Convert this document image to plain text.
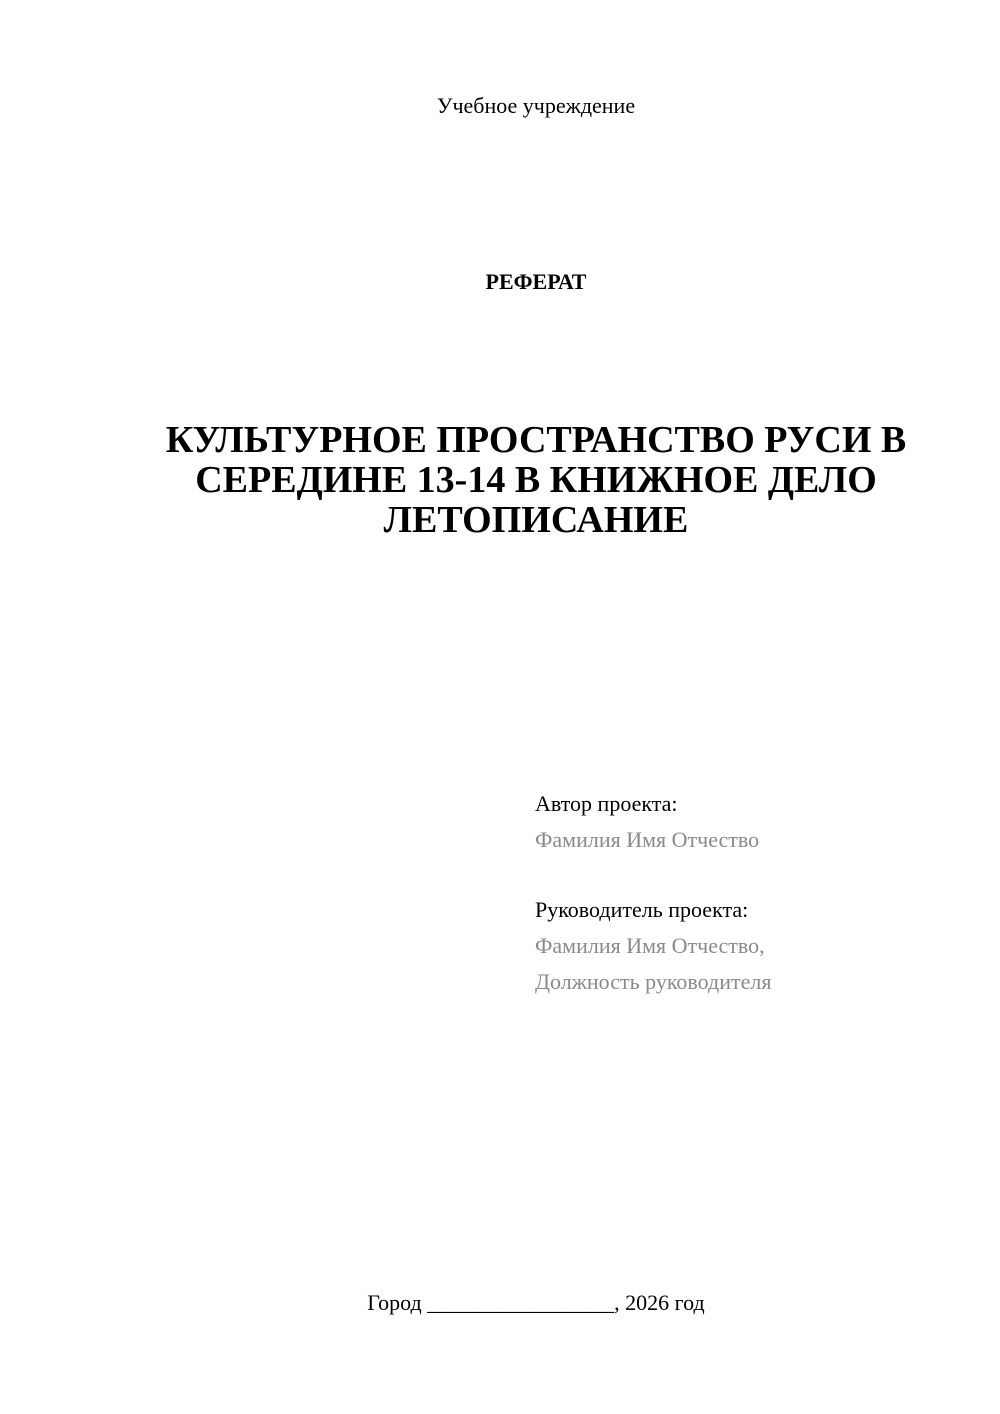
Учебное учреждение
РЕФЕРАТ
КУЛЬТУРНОЕ ПРОСТРАНСТВО РУСИ В
СЕРЕДИНЕ 13-14 В КНИЖНОЕ ДЕЛО
ЛЕТОПИСАНИЕ
Автор проекта:
Фамилия Имя Отчество
Руководитель проекта:
Фамилия Имя Отчество,
Должность руководителя
Город _________________, 2026 год
